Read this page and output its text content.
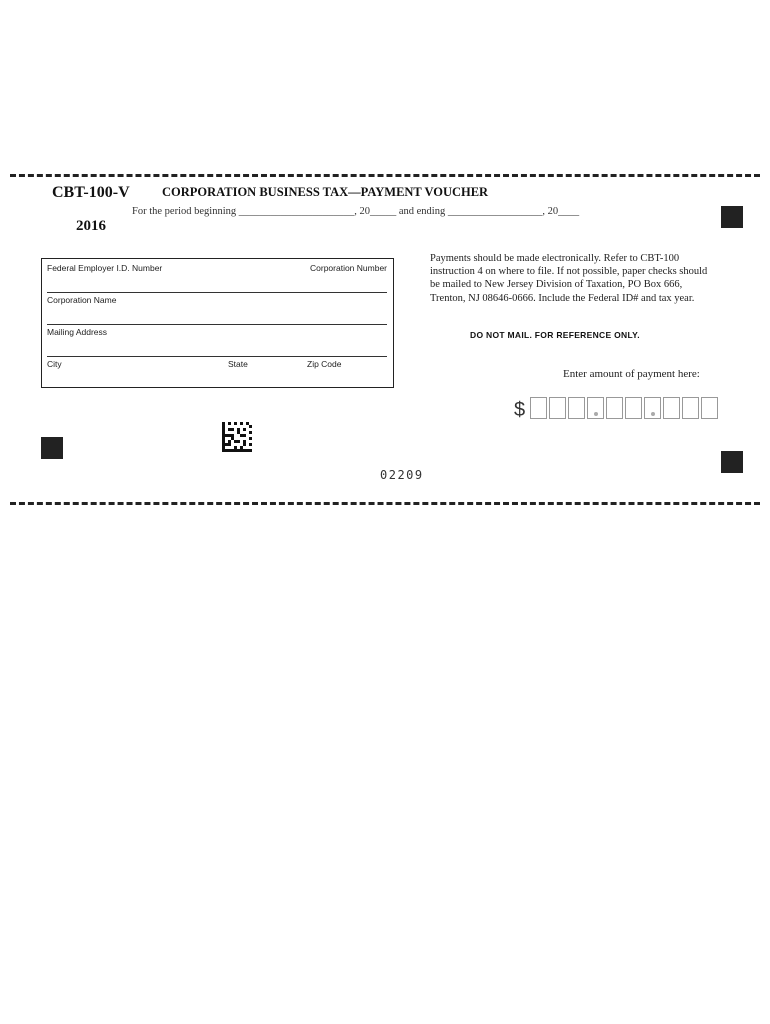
CBT-100-V	CORPORATION BUSINESS TAX—PAYMENT VOUCHER
For the period beginning ______________________, 20_____ and ending __________________, 20____
2016
Federal Employer I.D. Number	Corporation Number
Corporation Name
Mailing Address
City	State	Zip Code
Payments should be made electronically. Refer to CBT-100 instruction 4 on where to file. If not possible, paper checks should be mailed to New Jersey Division of Taxation, PO Box 666, Trenton, NJ 08646-0666. Include the Federal ID# and tax year.
DO NOT MAIL. FOR REFERENCE ONLY.
Enter amount of payment here:
$
02209
